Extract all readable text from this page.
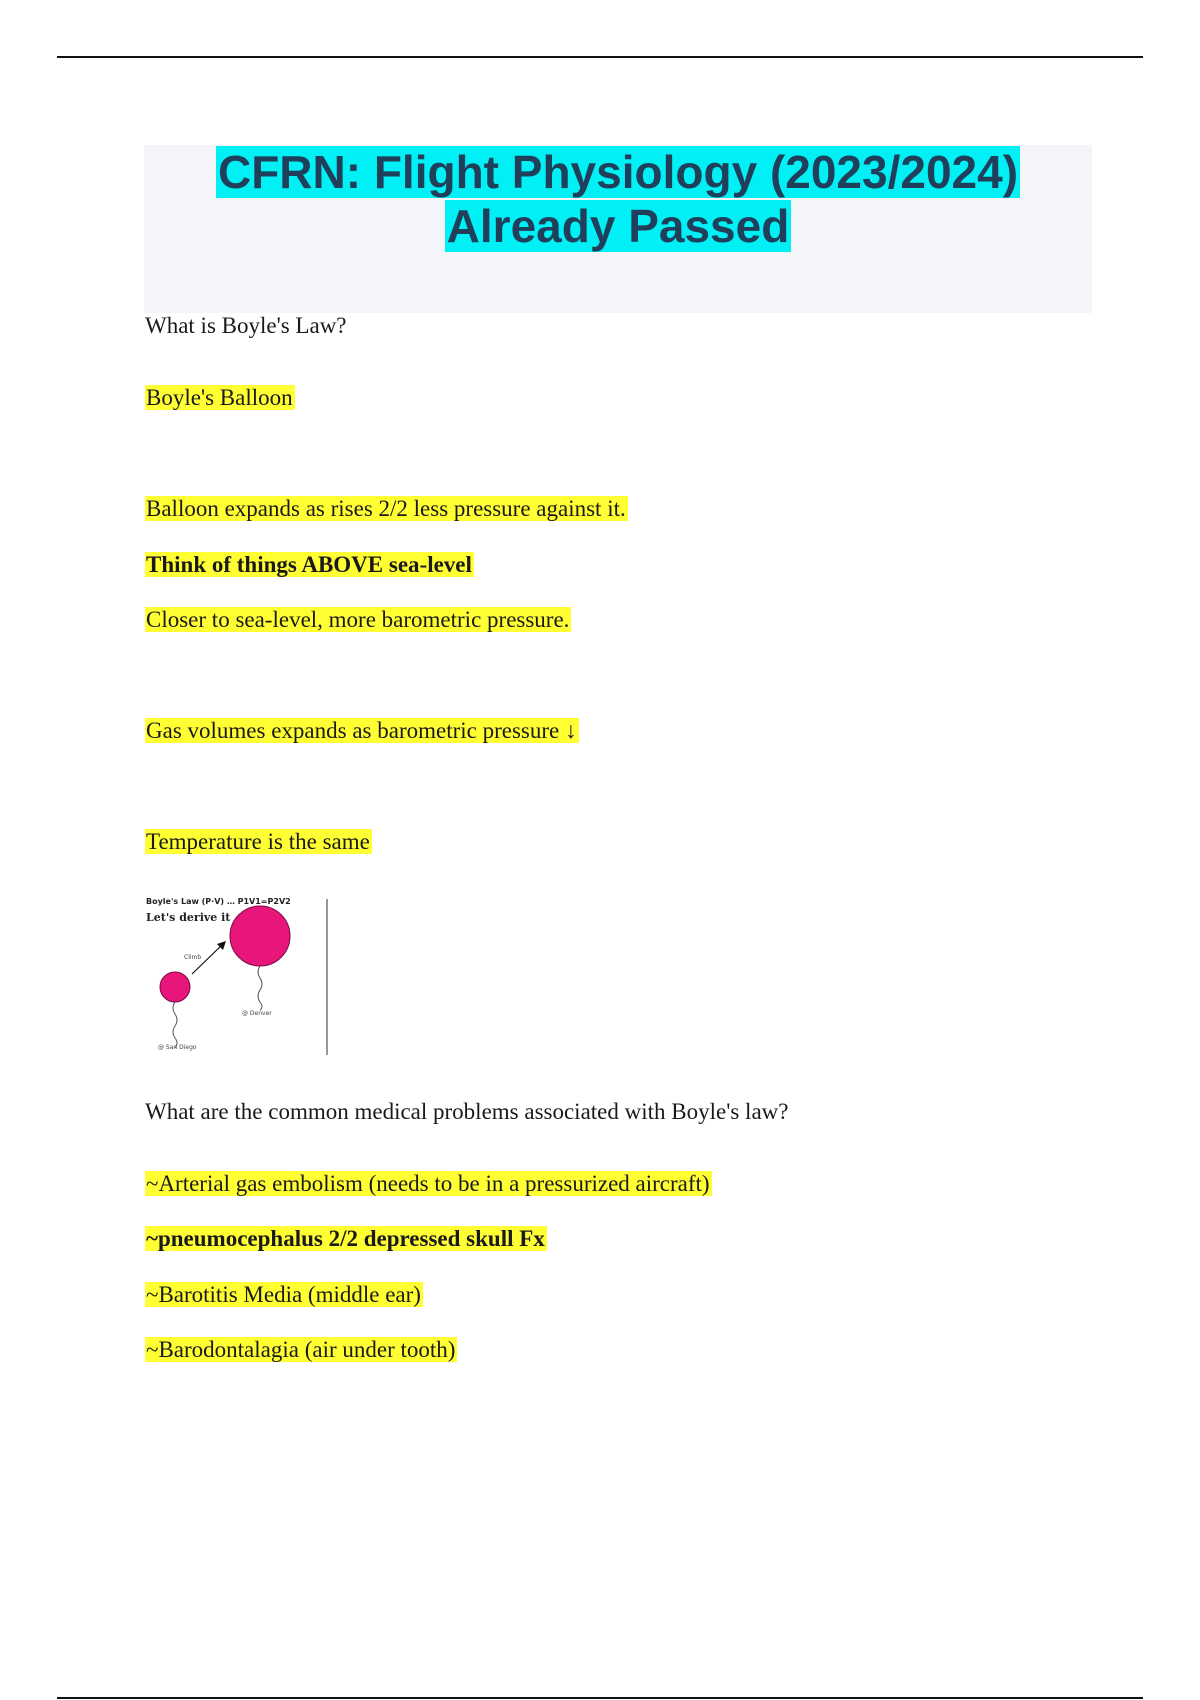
CFRN: Flight Physiology (2023/2024)
Already Passed
What is Boyle's Law?
Boyle's Balloon
Balloon expands as rises 2/2 less pressure against it.
Think of things ABOVE sea-level
Closer to sea-level, more barometric pressure.
Gas volumes expands as barometric pressure ↓
Temperature is the same
Boyle's Law (P·V) … P1V1=P2V2
Let's derive it
@ San Diego
Climb
@ Denver
What are the common medical problems associated with Boyle's law?
~Arterial gas embolism (needs to be in a pressurized aircraft)
~pneumocephalus 2/2 depressed skull Fx
~Barotitis Media (middle ear)
~Barodontalagia (air under tooth)
